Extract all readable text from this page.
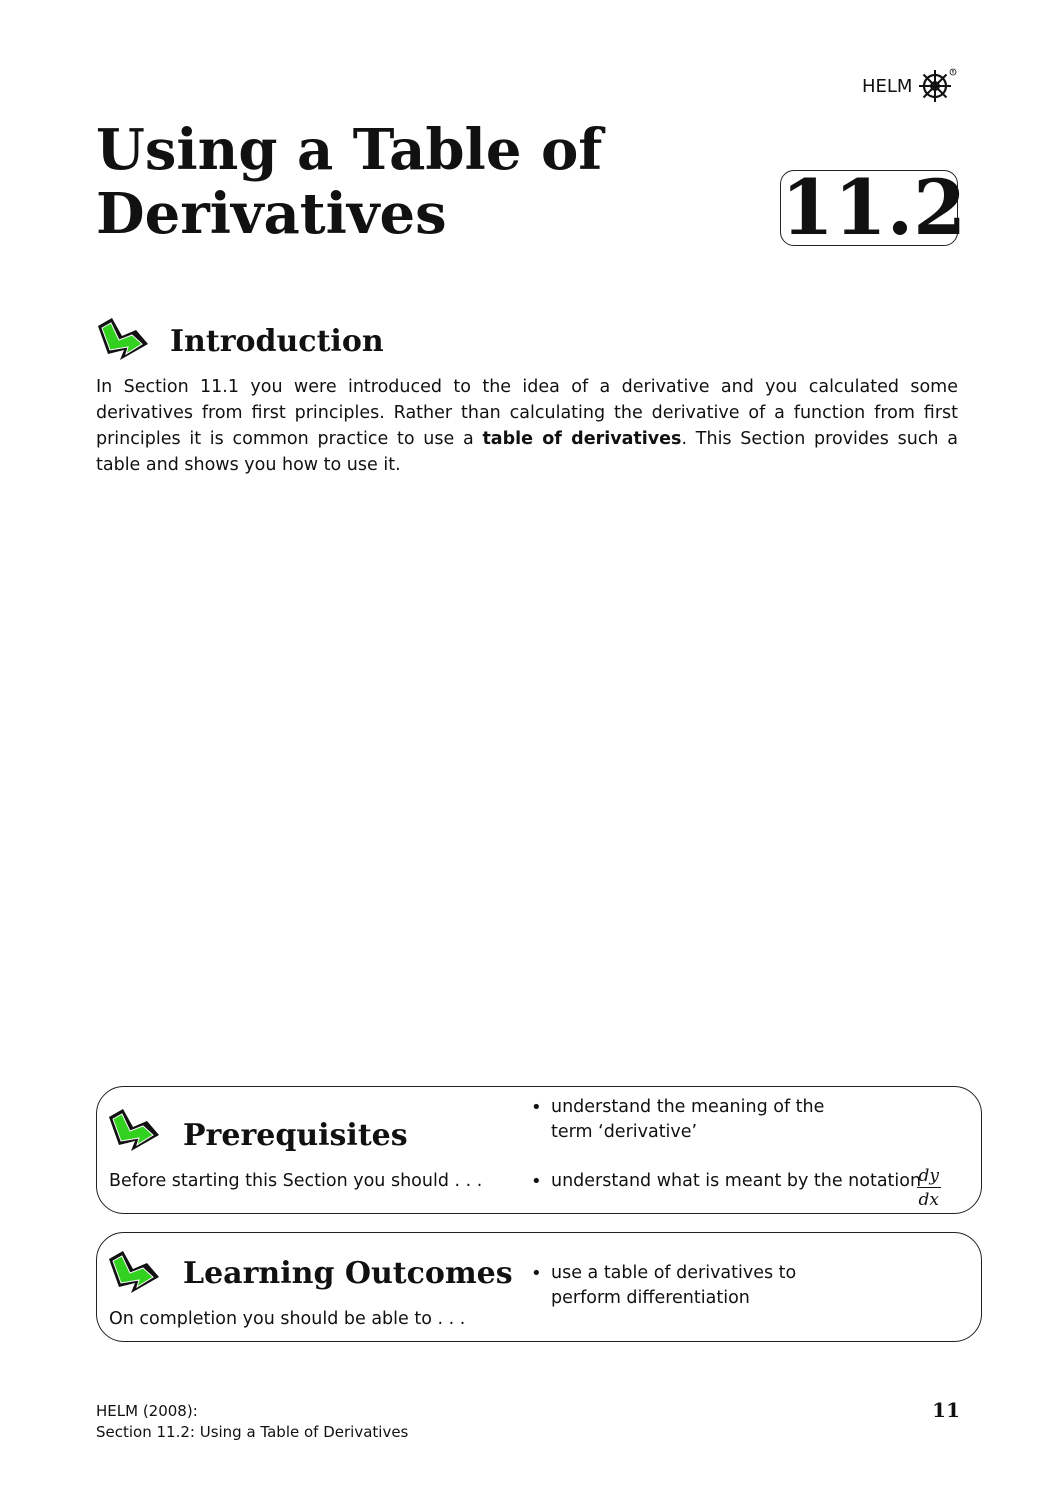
HELM
R
Using a Table of Derivatives	11.2
Introduction

In Section 11.1 you were introduced to the idea of a derivative and you calculated some derivatives from first principles. Rather than calculating the derivative of a function from first principles it is common practice to use a table of derivatives. This Section provides such a table and shows you how to use it.

Prerequisites
Before starting this Section you should . . .
• understand the meaning of the term ‘derivative’
• understand what is meant by the notation
$\frac{dy}{dx}$
Learning Outcomes
On completion you should be able to . . .
• use a table of derivatives to perform differentiation
HELM (2008):
Section 11.2: Using a Table of Derivatives
11
